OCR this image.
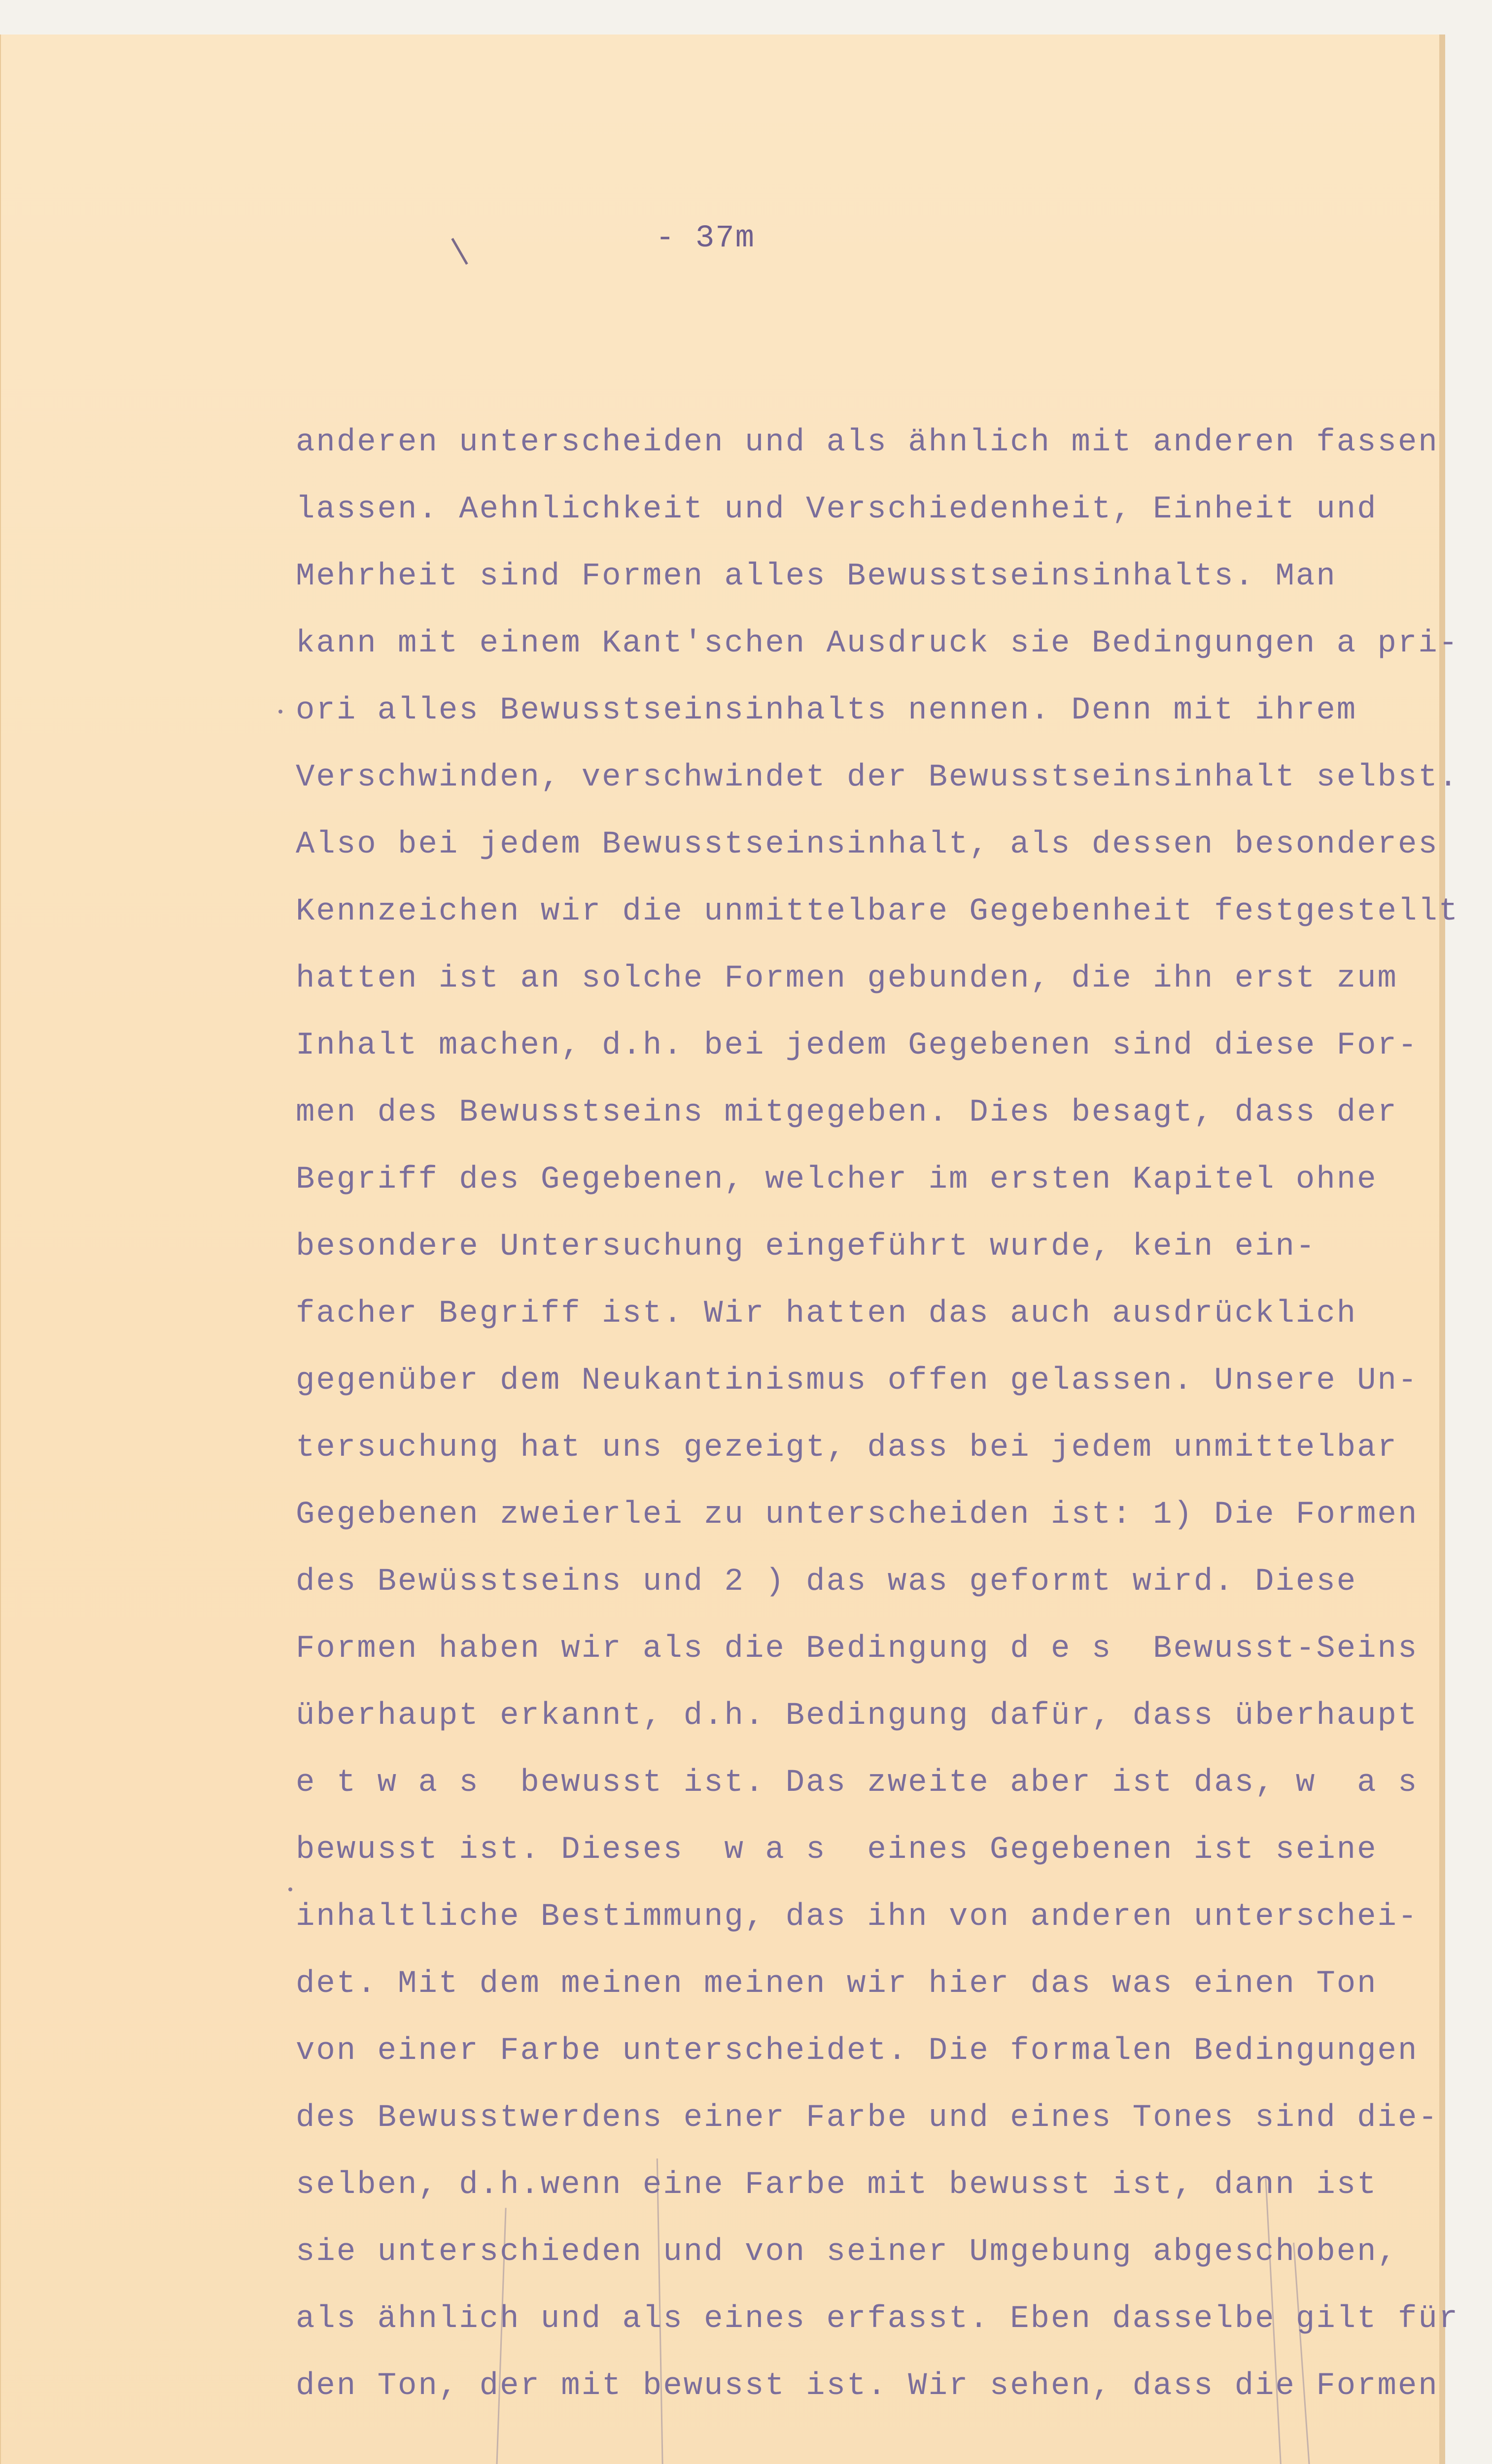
- 37m

anderen unterscheiden und als ähnlich mit anderen fassen
lassen. Aehnlichkeit und Verschiedenheit, Einheit und
Mehrheit sind Formen alles Bewusstseinsinhalts. Man
kann mit einem Kant'schen Ausdruck sie Bedingungen a pri-
ori alles Bewusstseinsinhalts nennen. Denn mit ihrem
Verschwinden, verschwindet der Bewusstseinsinhalt selbst.
Also bei jedem Bewusstseinsinhalt, als dessen besonderes
Kennzeichen wir die unmittelbare Gegebenheit festgestellt
hatten ist an solche Formen gebunden, die ihn erst zum
Inhalt machen, d.h. bei jedem Gegebenen sind diese For-
men des Bewusstseins mitgegeben. Dies besagt, dass der
Begriff des Gegebenen, welcher im ersten Kapitel ohne
besondere Untersuchung eingeführt wurde, kein ein-
facher Begriff ist. Wir hatten das auch ausdrücklich
gegenüber dem Neukantinismus offen gelassen. Unsere Un-
tersuchung hat uns gezeigt, dass bei jedem unmittelbar
Gegebenen zweierlei zu unterscheiden ist: 1) Die Formen
des Bewüsstseins und 2 ) das was geformt wird. Diese
Formen haben wir als die Bedingung d e s  Bewusst-Seins
überhaupt erkannt, d.h. Bedingung dafür, dass überhaupt
e t w a s  bewusst ist. Das zweite aber ist das, w  a s
bewusst ist. Dieses  w a s  eines Gegebenen ist seine
inhaltliche Bestimmung, das ihn von anderen unterschei-
det. Mit dem meinen meinen wir hier das was einen Ton
von einer Farbe unterscheidet. Die formalen Bedingungen
des Bewusstwerdens einer Farbe und eines Tones sind die-
selben, d.h.wenn eine Farbe mit bewusst ist, dann ist
sie unterschieden und von seiner Umgebung abgeschoben,
als ähnlich und als eines erfasst. Eben dasselbe gilt für
den Ton, der mit bewusst ist. Wir sehen, dass die Formen
